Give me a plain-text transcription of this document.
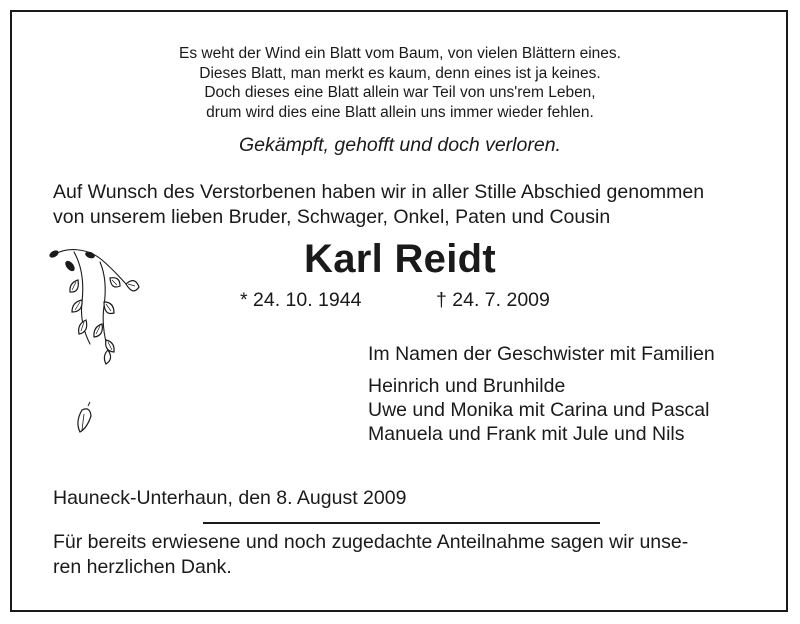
Es weht der Wind ein Blatt vom Baum, von vielen Blättern eines.
Dieses Blatt, man merkt es kaum, denn eines ist ja keines.
Doch dieses eine Blatt allein war Teil von uns'rem Leben,
drum wird dies eine Blatt allein uns immer wieder fehlen.
Gekämpft, gehofft und doch verloren.
Auf Wunsch des Verstorbenen haben wir in aller Stille Abschied genommen
von unserem lieben Bruder, Schwager, Onkel, Paten und Cousin
Karl Reidt
* 24. 10. 1944	† 24. 7. 2009
Im Namen der Geschwister mit Familien
Heinrich und Brunhilde
Uwe und Monika mit Carina und Pascal
Manuela und Frank mit Jule und Nils
Hauneck-Unterhaun, den 8. August 2009
Für bereits erwiesene und noch zugedachte Anteilnahme sagen wir unse-
ren herzlichen Dank.
